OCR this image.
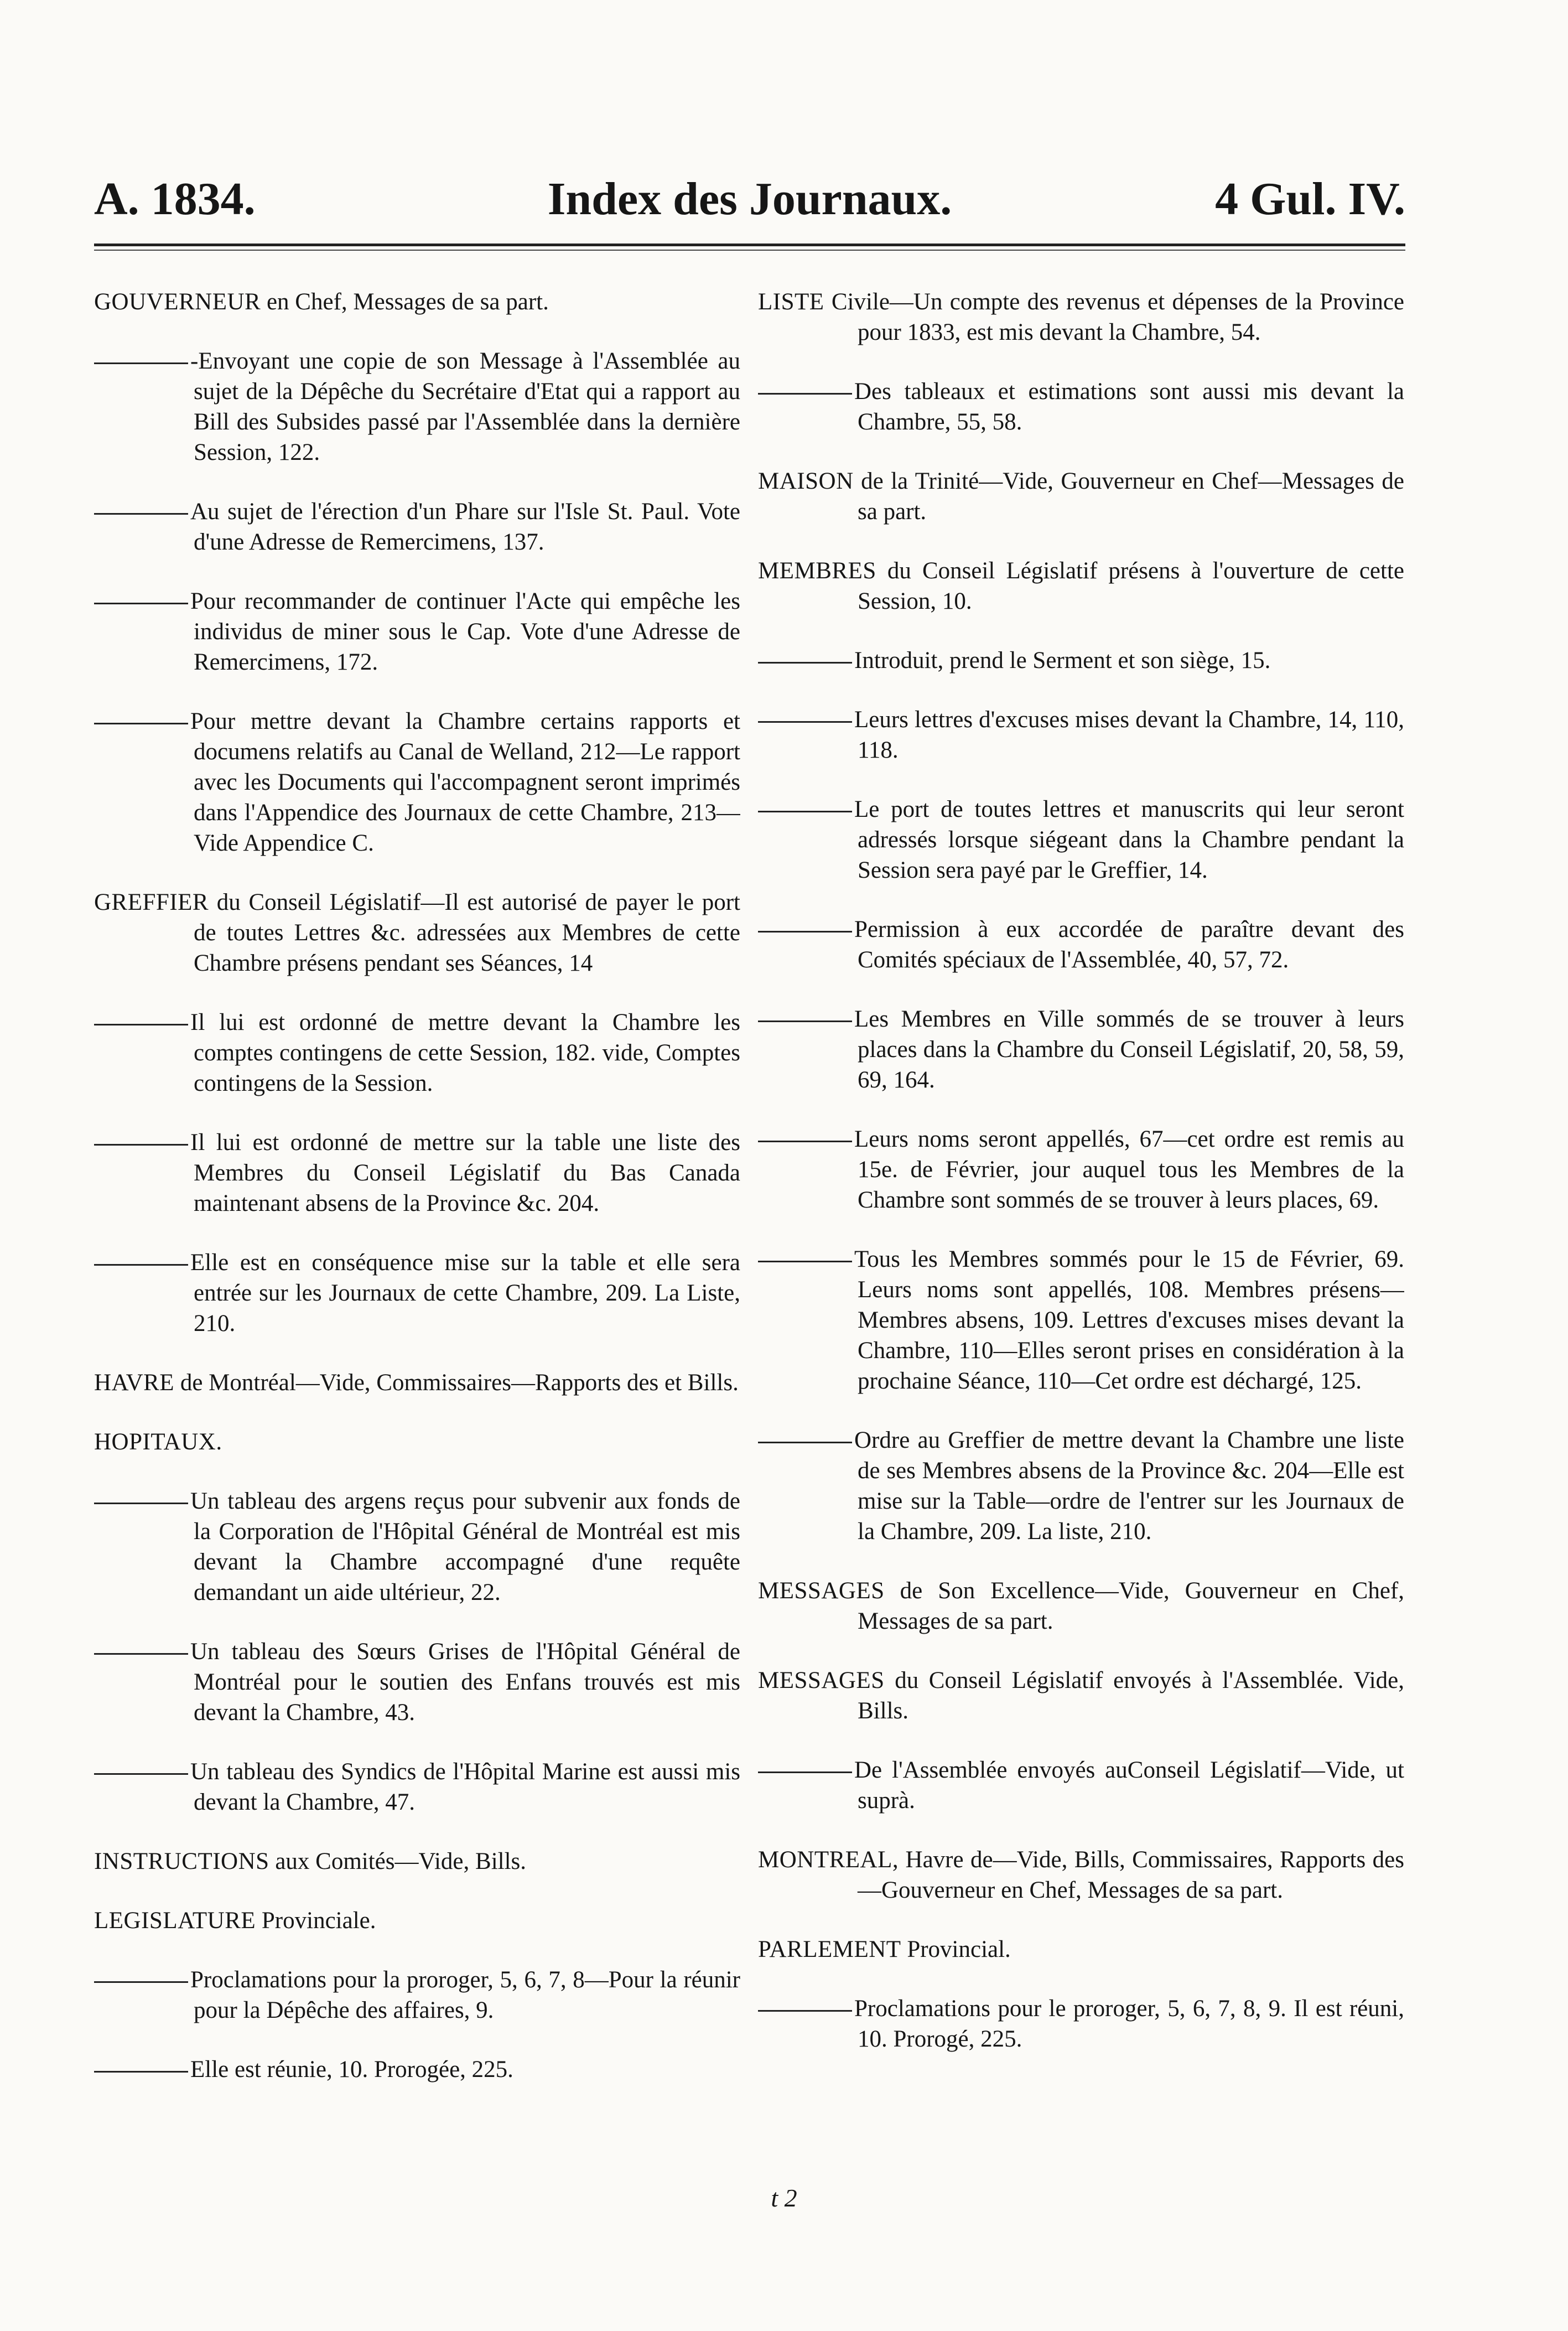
A. 1834.	Index des Journaux.	4 Gul. IV.
GOUVERNEUR en Chef, Messages de sa part.
-Envoyant une copie de son Message à l'Assemblée au sujet de la Dépêche du Secrétaire d'Etat qui a rapport au Bill des Subsides passé par l'Assemblée dans la dernière Session, 122.
Au sujet de l'érection d'un Phare sur l'Isle St. Paul. Vote d'une Adresse de Remercimens, 137.
Pour recommander de continuer l'Acte qui empêche les individus de miner sous le Cap. Vote d'une Adresse de Remercimens, 172.
Pour mettre devant la Chambre certains rapports et documens relatifs au Canal de Welland, 212—Le rapport avec les Documents qui l'accompagnent seront imprimés dans l'Appendice des Journaux de cette Chambre, 213—Vide Appendice C.
GREFFIER du Conseil Législatif—Il est autorisé de payer le port de toutes Lettres &c. adressées aux Membres de cette Chambre présens pendant ses Séances, 14
Il lui est ordonné de mettre devant la Chambre les comptes contingens de cette Session, 182. vide, Comptes contingens de la Session.
Il lui est ordonné de mettre sur la table une liste des Membres du Conseil Législatif du Bas Canada maintenant absens de la Province &c. 204.
Elle est en conséquence mise sur la table et elle sera entrée sur les Journaux de cette Chambre, 209. La Liste, 210.
HAVRE de Montréal—Vide, Commissaires—Rapports des et Bills.
HOPITAUX.
Un tableau des argens reçus pour subvenir aux fonds de la Corporation de l'Hôpital Général de Montréal est mis devant la Chambre accompagné d'une requête demandant un aide ultérieur, 22.
Un tableau des Sœurs Grises de l'Hôpital Général de Montréal pour le soutien des Enfans trouvés est mis devant la Chambre, 43.
Un tableau des Syndics de l'Hôpital Marine est aussi mis devant la Chambre, 47.
INSTRUCTIONS aux Comités—Vide, Bills.
LEGISLATURE Provinciale.
Proclamations pour la proroger, 5, 6, 7, 8—Pour la réunir pour la Dépêche des affaires, 9.
Elle est réunie, 10. Prorogée, 225.
LISTE Civile—Un compte des revenus et dépenses de la Province pour 1833, est mis devant la Chambre, 54.
Des tableaux et estimations sont aussi mis devant la Chambre, 55, 58.
MAISON de la Trinité—Vide, Gouverneur en Chef—Messages de sa part.
MEMBRES du Conseil Législatif présens à l'ouverture de cette Session, 10.
Introduit, prend le Serment et son siège, 15.
Leurs lettres d'excuses mises devant la Chambre, 14, 110, 118.
Le port de toutes lettres et manuscrits qui leur seront adressés lorsque siégeant dans la Chambre pendant la Session sera payé par le Greffier, 14.
Permission à eux accordée de paraître devant des Comités spéciaux de l'Assemblée, 40, 57, 72.
Les Membres en Ville sommés de se trouver à leurs places dans la Chambre du Conseil Législatif, 20, 58, 59, 69, 164.
Leurs noms seront appellés, 67—cet ordre est remis au 15e. de Février, jour auquel tous les Membres de la Chambre sont sommés de se trouver à leurs places, 69.
Tous les Membres sommés pour le 15 de Février, 69. Leurs noms sont appellés, 108. Membres présens—Membres absens, 109. Lettres d'excuses mises devant la Chambre, 110—Elles seront prises en considération à la prochaine Séance, 110—Cet ordre est déchargé, 125.
Ordre au Greffier de mettre devant la Chambre une liste de ses Membres absens de la Province &c. 204—Elle est mise sur la Table—ordre de l'entrer sur les Journaux de la Chambre, 209. La liste, 210.
MESSAGES de Son Excellence—Vide, Gouverneur en Chef, Messages de sa part.
MESSAGES du Conseil Législatif envoyés à l'Assemblée. Vide, Bills.
De l'Assemblée envoyés auConseil Législatif—Vide, ut suprà.
MONTREAL, Havre de—Vide, Bills, Commissaires, Rapports des—Gouverneur en Chef, Messages de sa part.
PARLEMENT Provincial.
Proclamations pour le proroger, 5, 6, 7, 8, 9. Il est réuni, 10. Prorogé, 225.
t 2
